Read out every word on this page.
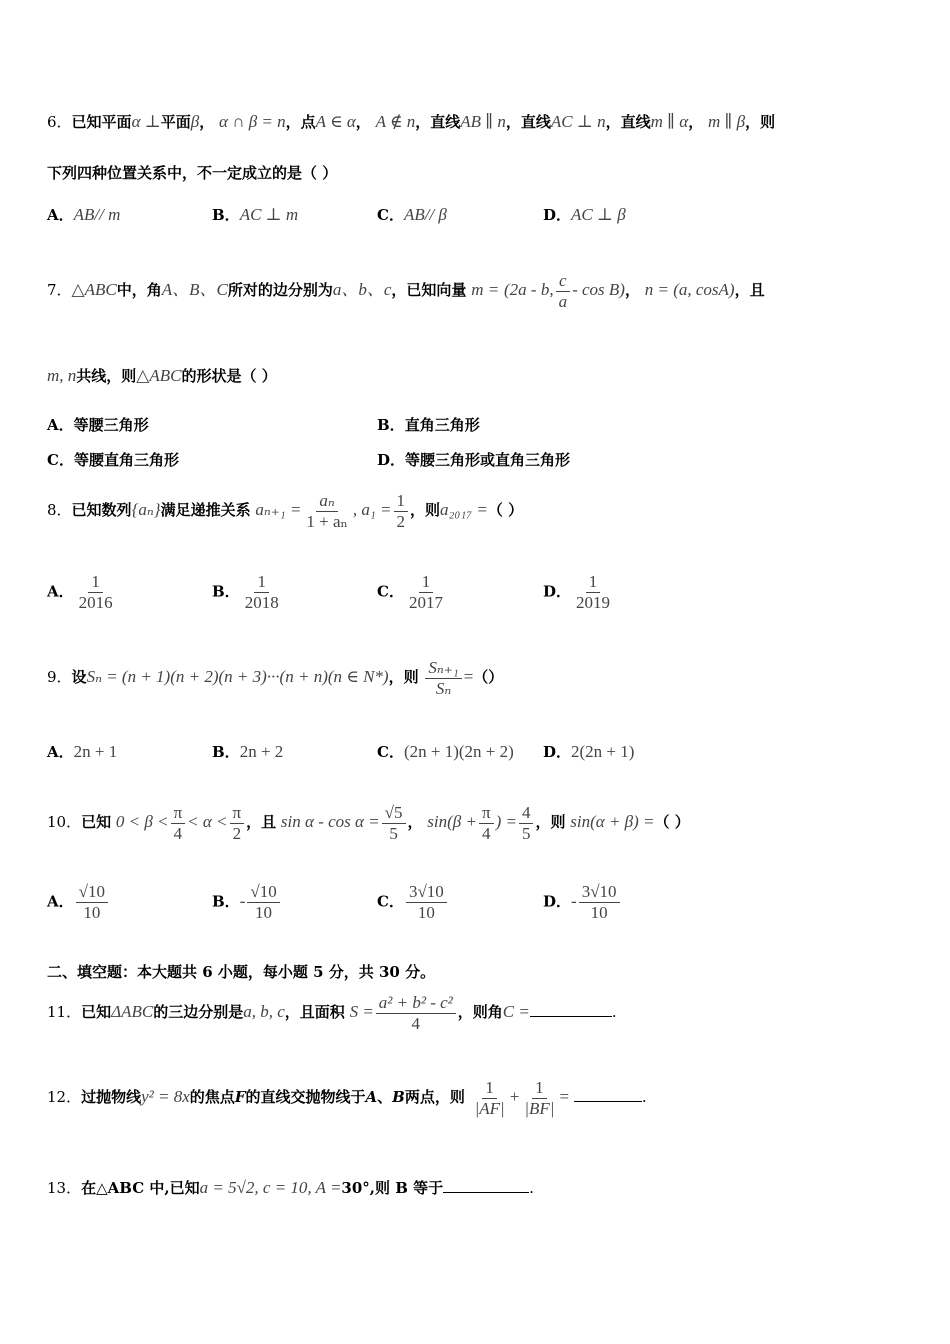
6．已知平面α ⊥平面β， α ∩ β = n，点A ∈ α， A ∉ n，直线AB ∥ n，直线AC ⊥ n，直线m ∥ α， m ∥ β，则
下列四种位置关系中，不一定成立的是（ ）
A．AB// m	B．AC ⊥ m	C．AB// β	D．AC ⊥ β
7．△ABC中，角A、B、C所对的边分别为a、b、c，已知向量 m = (2a - b, $\frac{c}{a}$ - cos B)， n = (a, cosA)，且
m, n共线，则△ABC的形状是（ ）
A．等腰三角形	B．直角三角形
C．等腰直角三角形	D．等腰三角形或直角三角形
8．已知数列{aₙ}满足递推关系 $a_{n+1} = \frac{\text{aₙ}}{\text{1 + aₙ}}$ , $a_1 = \frac{1}{2}$ ，则a₂₀₁₇ =（ ）
A． $\frac{1}{2016}$	B． $\frac{1}{2018}$	C． $\frac{1}{2017}$	D． $\frac{1}{2019}$
9．设Sₙ = (n + 1)(n + 2)(n + 3)···(n + n)(n ∈ N*)，则 $\frac{\text{Sₙ₊₁}}{\text{Sₙ}}$ =（）
A．2n + 1	B．2n + 2	C．(2n + 1)(2n + 2) D．2(2n + 1)
10．已知 $0 < \beta < \frac{\pi}{4} < \alpha < \frac{\pi}{2}$ ，且 $\sin \alpha - \cos \alpha = \frac{√5}{5}$ ， $\sin(\beta + \frac{\pi}{4}$ ) = $\frac{4}{5}$ ，则 sin(α + β) =（ ）
A． $\frac{√10}{10}$	B．- $\frac{√10}{10}$	C． $\frac{3√10}{10}$	D．- $\frac{3√10}{10}$
二、填空题：本大题共 6 小题，每小题 5 分，共 30 分。
11．已知ΔABC的三边分别是a, b, c，且面积 $S = \frac{\text{a² + b² - c²}}{4}$ ，则角C =	.
12．过抛物线y² = 8x的焦点F的直线交抛物线于A、B两点，则 $\frac{1}{|AF|} + \frac{1}{|BF|}$ =	.
13．在△ABC 中,已知a = 5√2, c = 10, A =30°,则 B 等于	.
